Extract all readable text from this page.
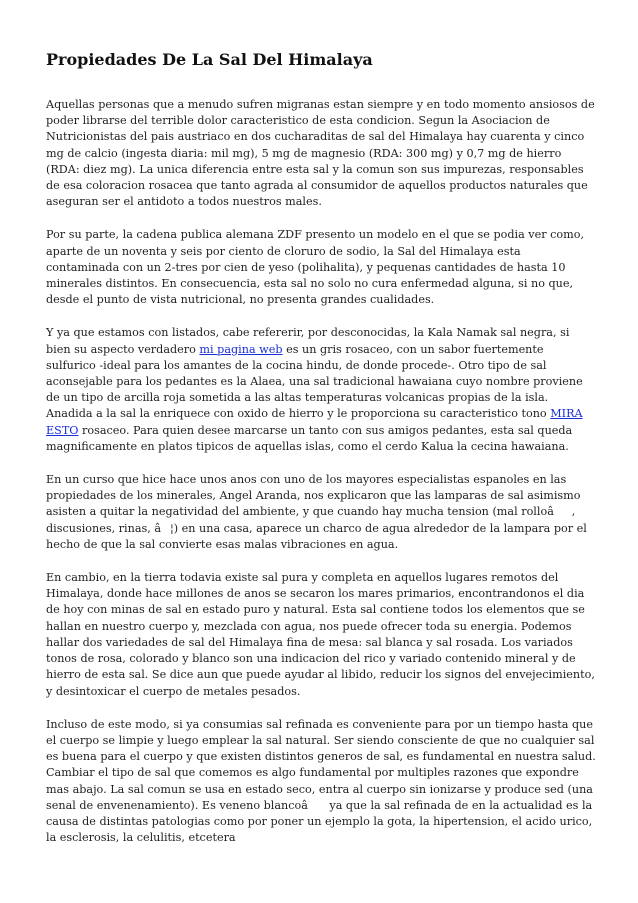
Propiedades De La Sal Del Himalaya

Aquellas personas que a menudo sufren migranas estan siempre y en todo momento ansiosos de poder librarse del terrible dolor caracteristico de esta condicion. Segun la Asociacion de Nutricionistas del pais austriaco en dos cucharaditas de sal del Himalaya hay cuarenta y cinco mg de calcio (ingesta diaria: mil mg), 5 mg de magnesio (RDA: 300 mg) y 0,7 mg de hierro (RDA: diez mg). La unica diferencia entre esta sal y la comun son sus impurezas, responsables de esa coloracion rosacea que tanto agrada al consumidor de aquellos productos naturales que aseguran ser el antidoto a todos nuestros males.

Por su parte, la cadena publica alemana ZDF presento un modelo en el que se podia ver como, aparte de un noventa y seis por ciento de cloruro de sodio, la Sal del Himalaya esta contaminada con un 2-tres por cien de yeso (polihalita), y pequenas cantidades de hasta 10 minerales distintos. En consecuencia, esta sal no solo no cura enfermedad alguna, si no que, desde el punto de vista nutricional, no presenta grandes cualidades.

Y ya que estamos con listados, cabe refererir, por desconocidas, la Kala Namak sal negra, si bien su aspecto verdadero mi pagina web es un gris rosaceo, con un sabor fuertemente sulfurico -ideal para los amantes de la cocina hindu, de donde procede-. Otro tipo de sal aconsejable para los pedantes es la Alaea, una sal tradicional hawaiana cuyo nombre proviene de un tipo de arcilla roja sometida a las altas temperaturas volcanicas propias de la isla. Anadida a la sal la enriquece con oxido de hierro y le proporciona su caracteristico tono MIRA ESTO rosaceo. Para quien desee marcarse un tanto con sus amigos pedantes, esta sal queda magnificamente en platos tipicos de aquellas islas, como el cerdo Kalua la cecina hawaiana.

En un curso que hice hace unos anos con uno de los mayores especialistas espanoles en las propiedades de los minerales, Angel Aranda, nos explicaron que las lamparas de sal asimismo asisten a quitar la negatividad del ambiente, y que cuando hay mucha tension (mal rolloâ, discusiones, rinas, â¦) en una casa, aparece un charco de agua alrededor de la lampara por el hecho de que la sal convierte esas malas vibraciones en agua.

En cambio, en la tierra todavia existe sal pura y completa en aquellos lugares remotos del Himalaya, donde hace millones de anos se secaron los mares primarios, encontrandonos el dia de hoy con minas de sal en estado puro y natural. Esta sal contiene todos los elementos que se hallan en nuestro cuerpo y, mezclada con agua, nos puede ofrecer toda su energia. Podemos hallar dos variedades de sal del Himalaya fina de mesa: sal blanca y sal rosada. Los variados tonos de rosa, colorado y blanco son una indicacion del rico y variado contenido mineral y de hierro de esta sal. Se dice aun que puede ayudar al libido, reducir los signos del envejecimiento, y desintoxicar el cuerpo de metales pesados.

Incluso de este modo, si ya consumias sal refinada es conveniente para por un tiempo hasta que el cuerpo se limpie y luego emplear la sal natural. Ser siendo consciente de que no cualquier sal es buena para el cuerpo y que existen distintos generos de sal, es fundamental en nuestra salud. Cambiar el tipo de sal que comemos es algo fundamental por multiples razones que expondre mas abajo. La sal comun se usa en estado seco, entra al cuerpo sin ionizarse y produce sed (una senal de envenenamiento). Es veneno blancoâ ya que la sal refinada de en la actualidad es la causa de distintas patologias como por poner un ejemplo la gota, la hipertension, el acido urico, la esclerosis, la celulitis, etcetera
